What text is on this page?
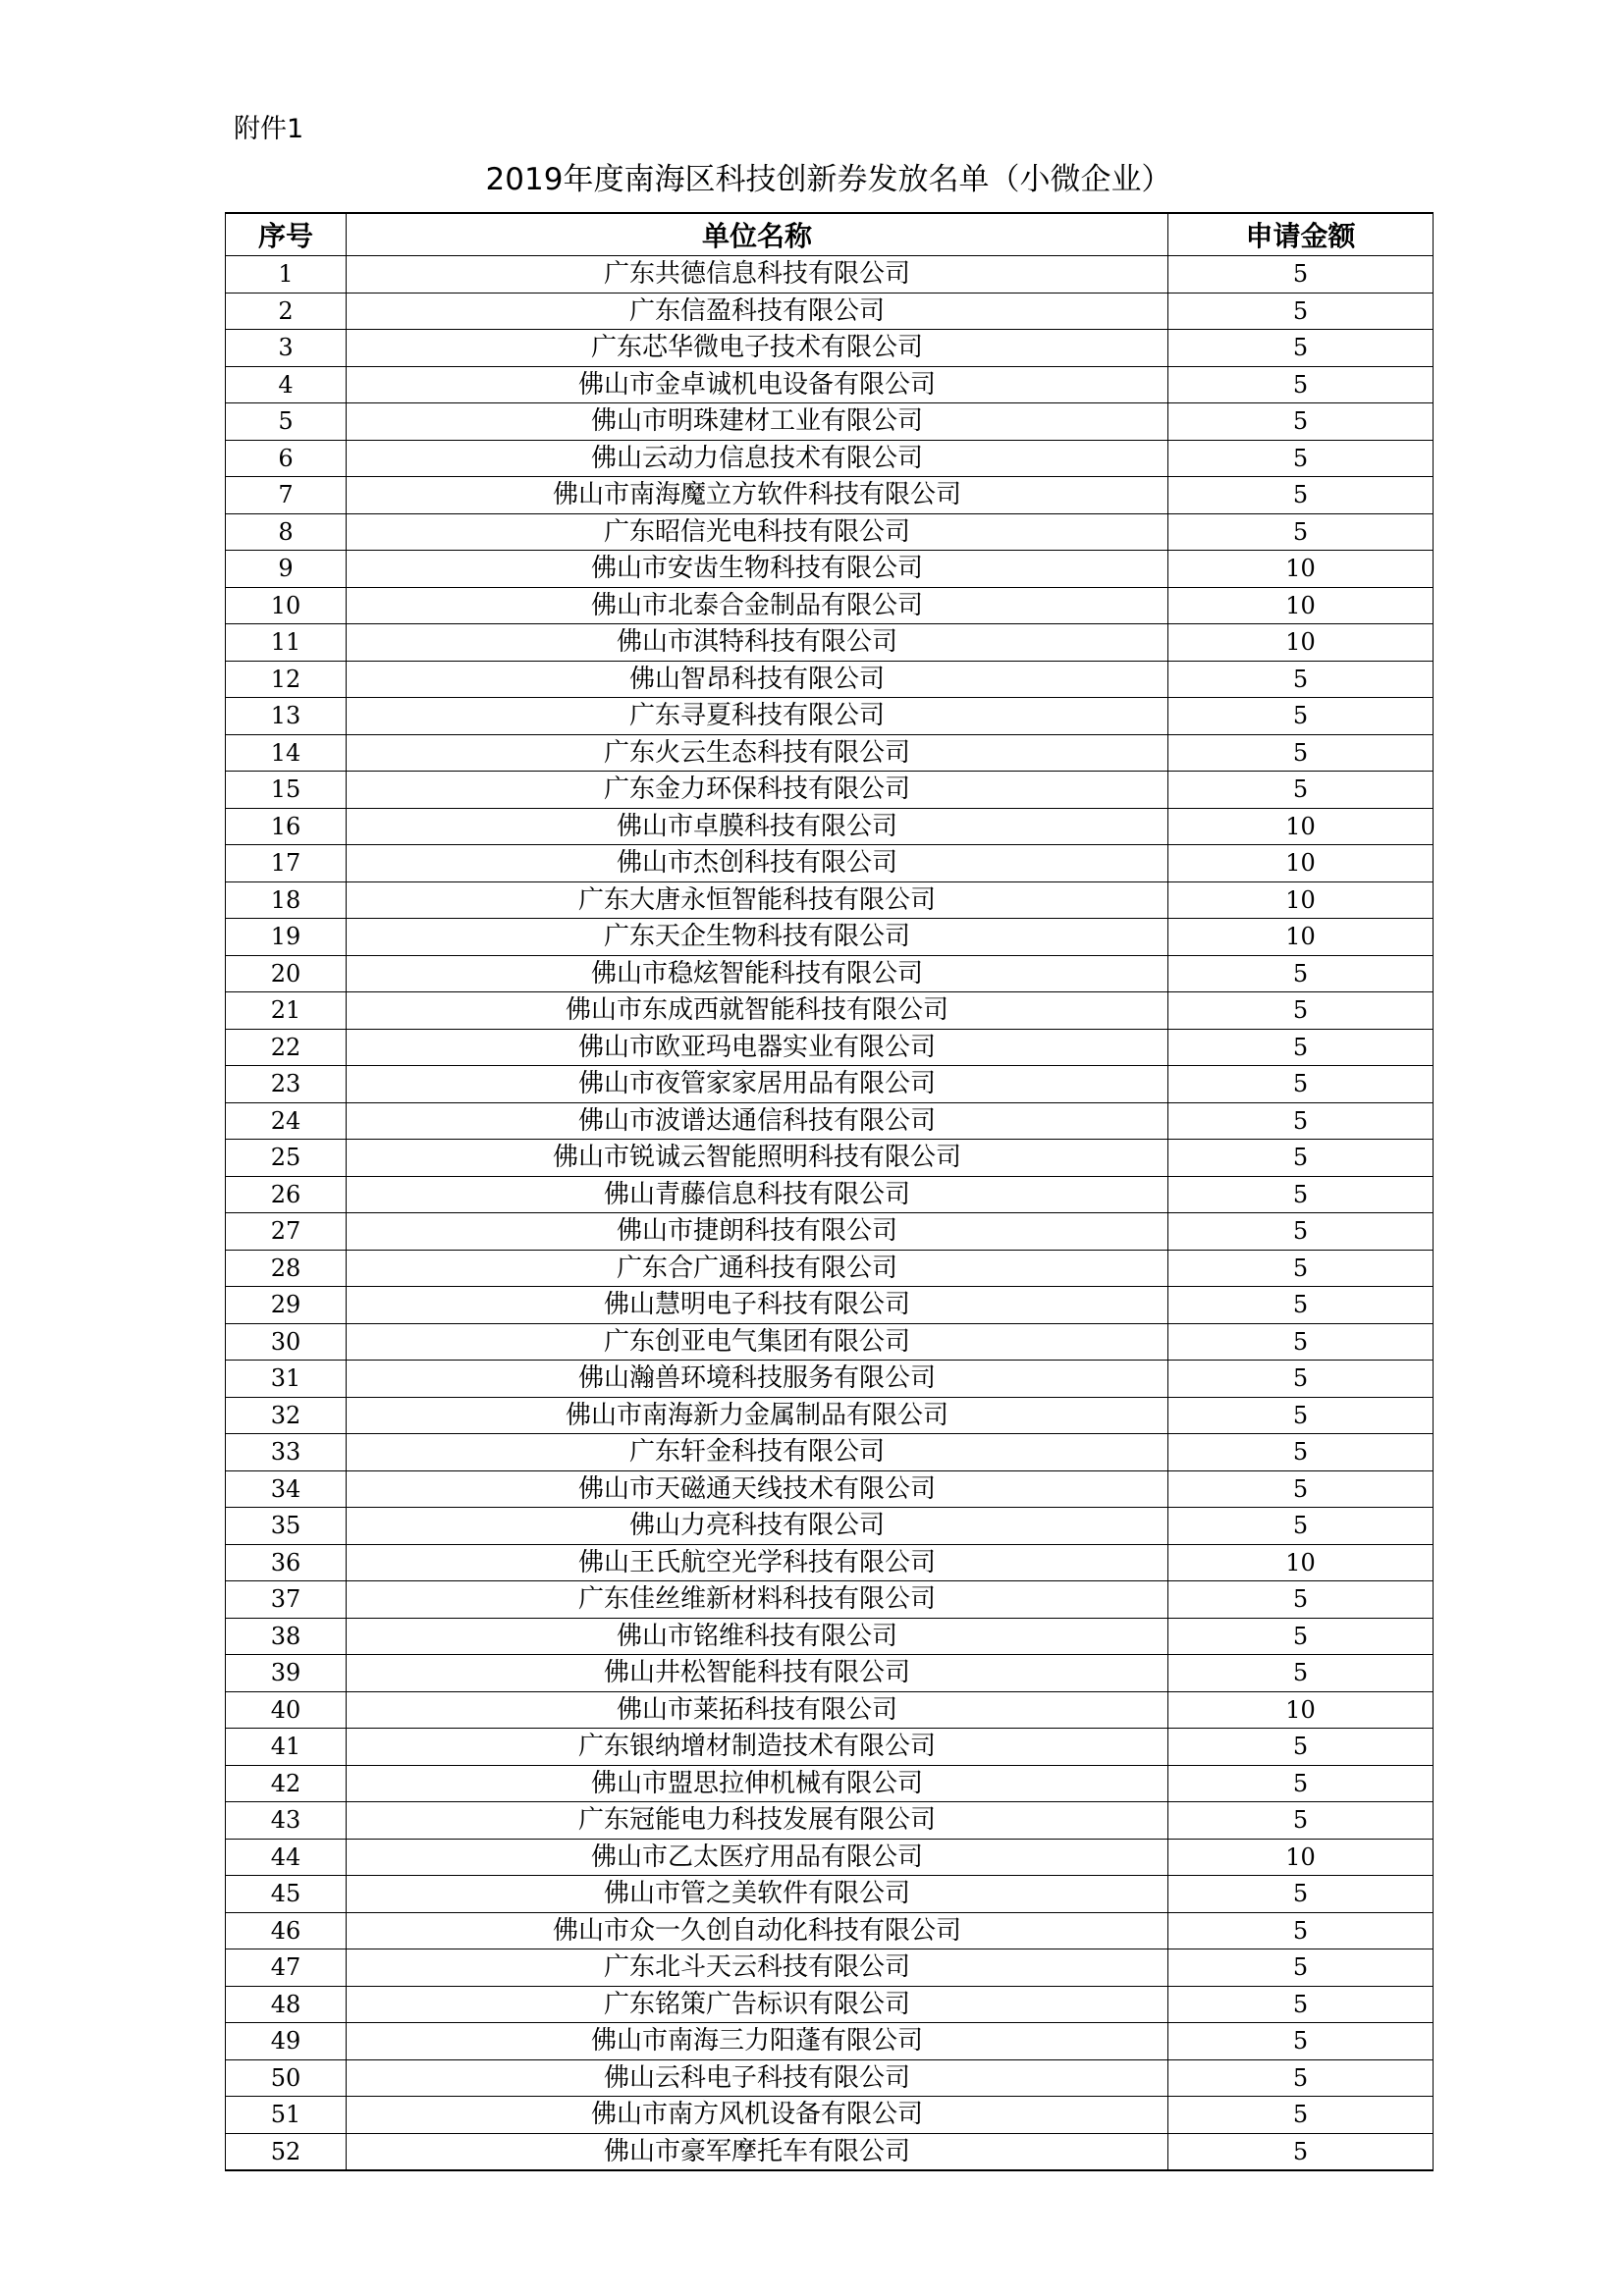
附件1
2019年度南海区科技创新券发放名单（小微企业）
序号	单位名称	申请金额
1	广东共德信息科技有限公司	5
2	广东信盈科技有限公司	5
3	广东芯华微电子技术有限公司	5
4	佛山市金卓诚机电设备有限公司	5
5	佛山市明珠建材工业有限公司	5
6	佛山云动力信息技术有限公司	5
7	佛山市南海魔立方软件科技有限公司	5
8	广东昭信光电科技有限公司	5
9	佛山市安齿生物科技有限公司	10
10	佛山市北泰合金制品有限公司	10
11	佛山市淇特科技有限公司	10
12	佛山智昂科技有限公司	5
13	广东寻夏科技有限公司	5
14	广东火云生态科技有限公司	5
15	广东金力环保科技有限公司	5
16	佛山市卓膜科技有限公司	10
17	佛山市杰创科技有限公司	10
18	广东大唐永恒智能科技有限公司	10
19	广东天企生物科技有限公司	10
20	佛山市稳炫智能科技有限公司	5
21	佛山市东成西就智能科技有限公司	5
22	佛山市欧亚玛电器实业有限公司	5
23	佛山市夜管家家居用品有限公司	5
24	佛山市波谱达通信科技有限公司	5
25	佛山市锐诚云智能照明科技有限公司	5
26	佛山青藤信息科技有限公司	5
27	佛山市捷朗科技有限公司	5
28	广东合广通科技有限公司	5
29	佛山慧明电子科技有限公司	5
30	广东创亚电气集团有限公司	5
31	佛山瀚兽环境科技服务有限公司	5
32	佛山市南海新力金属制品有限公司	5
33	广东轩金科技有限公司	5
34	佛山市天磁通天线技术有限公司	5
35	佛山力亮科技有限公司	5
36	佛山王氏航空光学科技有限公司	10
37	广东佳丝维新材料科技有限公司	5
38	佛山市铭维科技有限公司	5
39	佛山井松智能科技有限公司	5
40	佛山市莱拓科技有限公司	10
41	广东银纳增材制造技术有限公司	5
42	佛山市盟思拉伸机械有限公司	5
43	广东冠能电力科技发展有限公司	5
44	佛山市乙太医疗用品有限公司	10
45	佛山市管之美软件有限公司	5
46	佛山市众一久创自动化科技有限公司	5
47	广东北斗天云科技有限公司	5
48	广东铭策广告标识有限公司	5
49	佛山市南海三力阳蓬有限公司	5
50	佛山云科电子科技有限公司	5
51	佛山市南方风机设备有限公司	5
52	佛山市豪军摩托车有限公司	5
